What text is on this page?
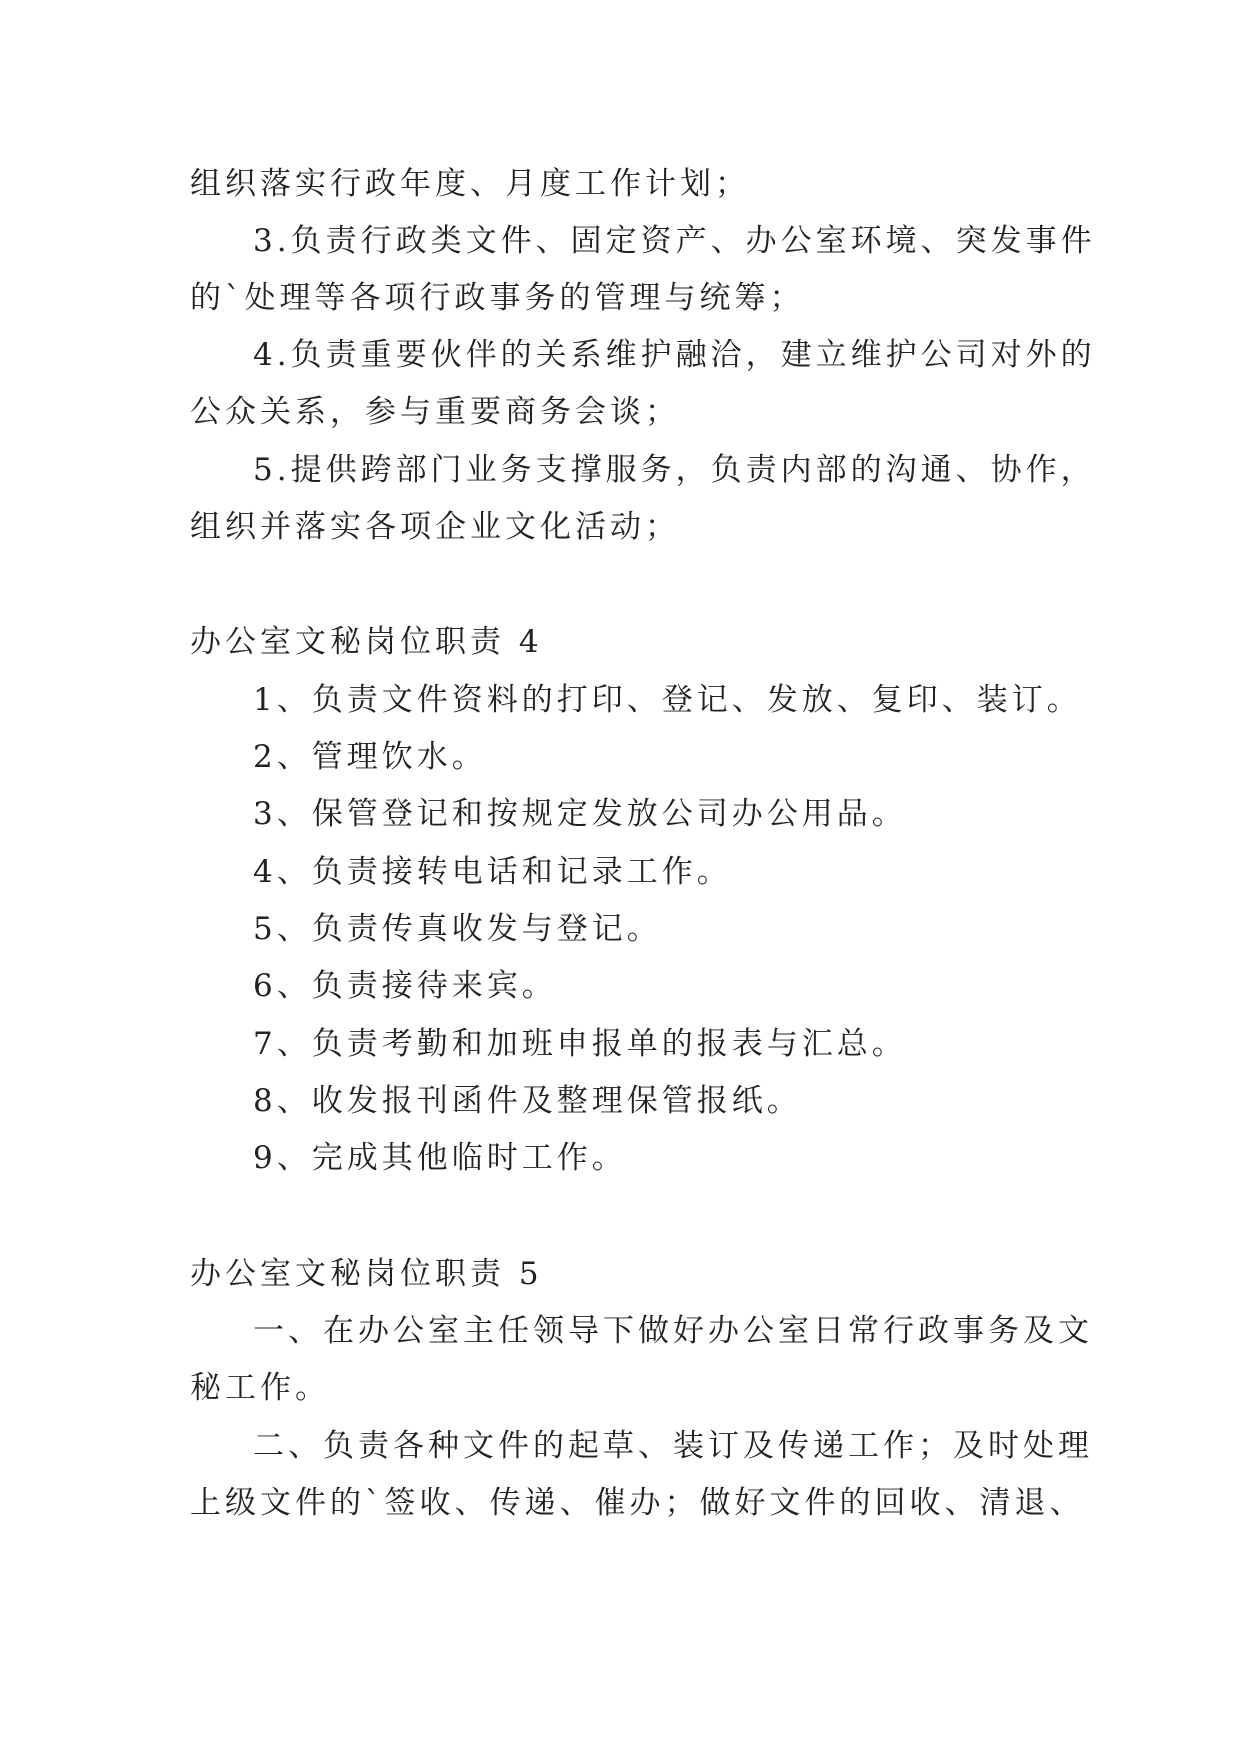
组织落实行政年度、月度工作计划；
3.负责行政类文件、固定资产、办公室环境、突发事件
的`处理等各项行政事务的管理与统筹；
4.负责重要伙伴的关系维护融洽，建立维护公司对外的
公众关系，参与重要商务会谈；
5.提供跨部门业务支撑服务，负责内部的沟通、协作，
组织并落实各项企业文化活动；
办公室文秘岗位职责 4
1、负责文件资料的打印、登记、发放、复印、装订。
2、管理饮水。
3、保管登记和按规定发放公司办公用品。
4、负责接转电话和记录工作。
5、负责传真收发与登记。
6、负责接待来宾。
7、负责考勤和加班申报单的报表与汇总。
8、收发报刊函件及整理保管报纸。
9、完成其他临时工作。
办公室文秘岗位职责 5
一、在办公室主任领导下做好办公室日常行政事务及文
秘工作。
二、负责各种文件的起草、装订及传递工作；及时处理
上级文件的`签收、传递、催办；做好文件的回收、清退、
